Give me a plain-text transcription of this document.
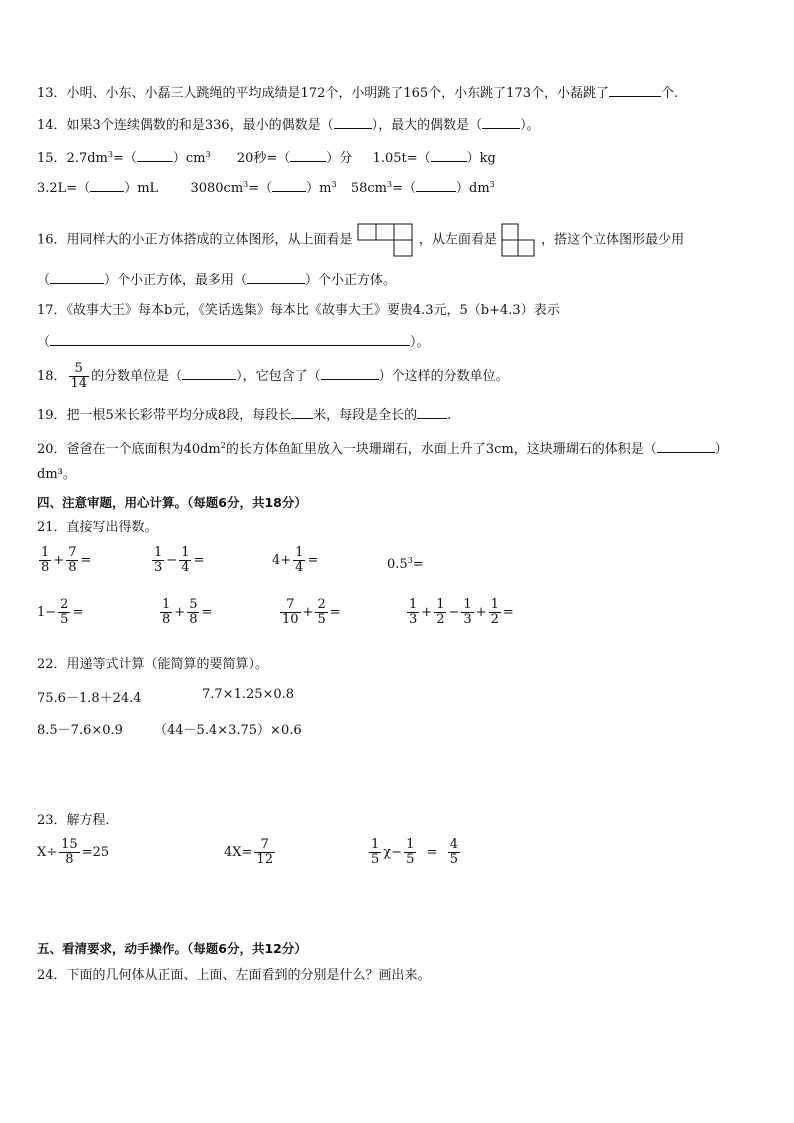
13．小明、小东、小磊三人跳绳的平均成绩是172个，小明跳了165个，小东跳了173个，小磊跳了	个.
14．如果3个连续偶数的和是336，最小的偶数是（	），最大的偶数是（	）。
15．$2.7dm^3=$（	）$cm^3$ 20秒=（	）分 1.05t=（	）kg
3.2L=（	）mL $3080cm^3=$（	）$m^3$ $58cm^3=$（	）$dm^3$
16．用同样大的小正方体搭成的立体图形，从上面看是	，从左面看是	，搭这个立体图形最少用
（	）个小正方体，最多用（	）个小正方体。
17．《故事大王》每本b元，《笑话选集》每本比《故事大王》要贵4.3元，5（b+4.3）表示
（	）。
18． $\frac{5}{14}$ 的分数单位是（	），它包含了（	）个这样的分数单位。
19．把一根5米长彩带平均分成8段，每段长 米，每段是全长的 .
20．爸爸在一个底面积为$40dm^2$的长方体鱼缸里放入一块珊瑚石，水面上升了3cm，这块珊瑚石的体积是（	）
dm³。
四、注意审题，用心计算。（每题6分，共18分）
21．直接写出得数。
$\frac{1}{8} + \frac{7}{8}$ =	$\frac{1}{3} - \frac{1}{4}$ =	$4+ \frac{1}{4}$ =	$0.5^3=$
$1- \frac{2}{5}$ =	$\frac{1}{8} + \frac{5}{8}$ =	$\frac{7}{10} + \frac{2}{5}$ =	$\frac{1}{3} + \frac{1}{2} - \frac{1}{3} + \frac{1}{2}$ =
22．用递等式计算（能简算的要简算）。
75.6－1.8＋24.4	7.7×1.25×0.8
8.5－7.6×0.9 （44－5.4×3.75）×0.6
23．解方程．
$X\div \frac{15}{8} =25$	$4X= \frac{7}{12}$	$\frac{1}{5} \chi- \frac{1}{5} = \frac{4}{5}$
五、看清要求，动手操作。（每题6分，共12分）
24．下面的几何体从正面、上面、左面看到的分别是什么？画出来。
